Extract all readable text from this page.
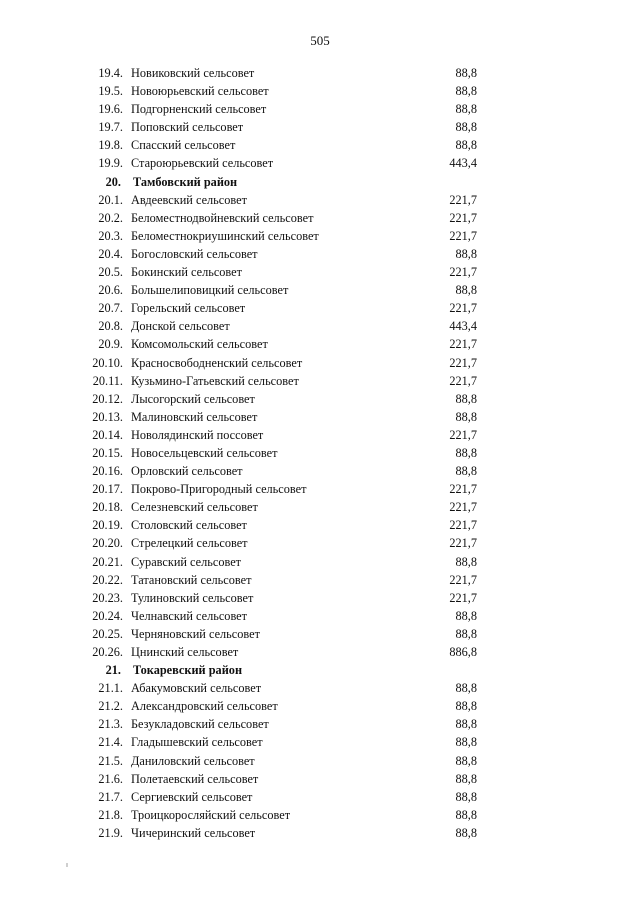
505
19.4. Новиковский сельсовет	88,8
19.5. Новоюрьевский сельсовет	88,8
19.6. Подгорненский сельсовет	88,8
19.7. Поповский сельсовет	88,8
19.8. Спасский сельсовет	88,8
19.9. Староюрьевский сельсовет	443,4
20. Тамбовский район
20.1. Авдеевский сельсовет	221,7
20.2. Беломестнодвойневский сельсовет	221,7
20.3. Беломестнокриушинский сельсовет	221,7
20.4. Богословский сельсовет	88,8
20.5. Бокинский сельсовет	221,7
20.6. Большелиповицкий сельсовет	88,8
20.7. Горельский сельсовет	221,7
20.8. Донской сельсовет	443,4
20.9. Комсомольский сельсовет	221,7
20.10. Красносвободненский сельсовет	221,7
20.11. Кузьмино-Гатьевский сельсовет	221,7
20.12. Лысогорский сельсовет	88,8
20.13. Малиновский сельсовет	88,8
20.14. Новолядинский поссовет	221,7
20.15. Новосельцевский сельсовет	88,8
20.16. Орловский сельсовет	88,8
20.17. Покрово-Пригородный сельсовет	221,7
20.18. Селезневский сельсовет	221,7
20.19. Столовский сельсовет	221,7
20.20. Стрелецкий сельсовет	221,7
20.21. Суравский сельсовет	88,8
20.22. Татановский сельсовет	221,7
20.23. Тулиновский сельсовет	221,7
20.24. Челнавский сельсовет	88,8
20.25. Черняновский сельсовет	88,8
20.26. Цнинский сельсовет	886,8
21. Токаревский район
21.1. Абакумовский сельсовет	88,8
21.2. Александровский сельсовет	88,8
21.3. Безукладовский сельсовет	88,8
21.4. Гладышевский сельсовет	88,8
21.5. Даниловский сельсовет	88,8
21.6. Полетаевский сельсовет	88,8
21.7. Сергиевский сельсовет	88,8
21.8. Троицкоросляйский сельсовет	88,8
21.9. Чичеринский сельсовет	88,8
